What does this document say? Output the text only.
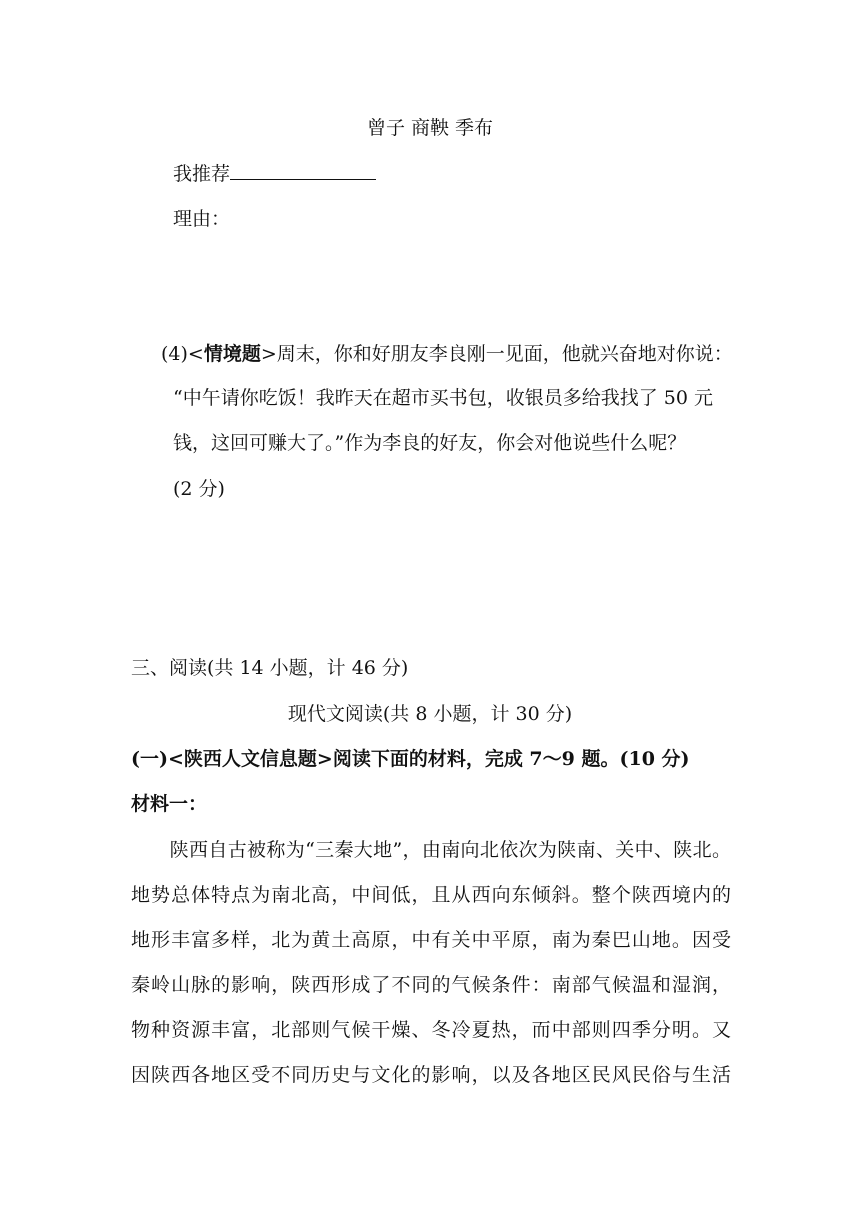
曾子 商鞅 季布
我推荐
理由：
(4)<情境题>周末，你和好朋友李良刚一见面，他就兴奋地对你说：
“中午请你吃饭！我昨天在超市买书包，收银员多给我找了 50 元
钱，这回可赚大了。”作为李良的好友，你会对他说些什么呢？
(2 分)
三、阅读(共 14 小题，计 46 分)
现代文阅读(共 8 小题，计 30 分)
(一)<陕西人文信息题>阅读下面的材料，完成 7～9 题。(10 分)
材料一：
　　陕西自古被称为“三秦大地”，由南向北依次为陕南、关中、陕北。
地势总体特点为南北高，中间低，且从西向东倾斜。整个陕西境内的
地形丰富多样，北为黄土高原，中有关中平原，南为秦巴山地。因受
秦岭山脉的影响，陕西形成了不同的气候条件：南部气候温和湿润，
物种资源丰富，北部则气候干燥、冬冷夏热，而中部则四季分明。又
因陕西各地区受不同历史与文化的影响，以及各地区民风民俗与生活
